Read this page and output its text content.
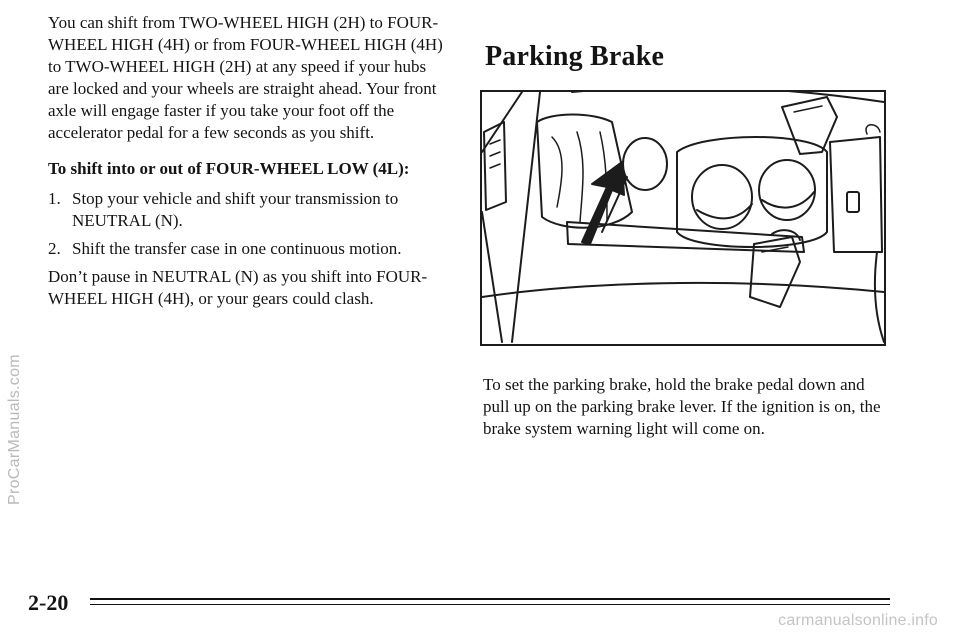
ProCarManuals.com

You can shift from TWO-WHEEL HIGH (2H) to FOUR-WHEEL HIGH (4H) or from FOUR-WHEEL HIGH (4H) to TWO-WHEEL HIGH (2H) at any speed if your hubs are locked and your wheels are straight ahead. Your front axle will engage faster if you take your foot off the accelerator pedal for a few seconds as you shift.

To shift into or out of FOUR-WHEEL LOW (4L):

1. Stop your vehicle and shift your transmission to NEUTRAL (N).
2. Shift the transfer case in one continuous motion.

Don’t pause in NEUTRAL (N) as you shift into FOUR-WHEEL HIGH (4H), or your gears could clash.

Parking Brake

To set the parking brake, hold the brake pedal down and pull up on the parking brake lever. If the ignition is on, the brake system warning light will come on.

2-20
carmanualsonline.info
